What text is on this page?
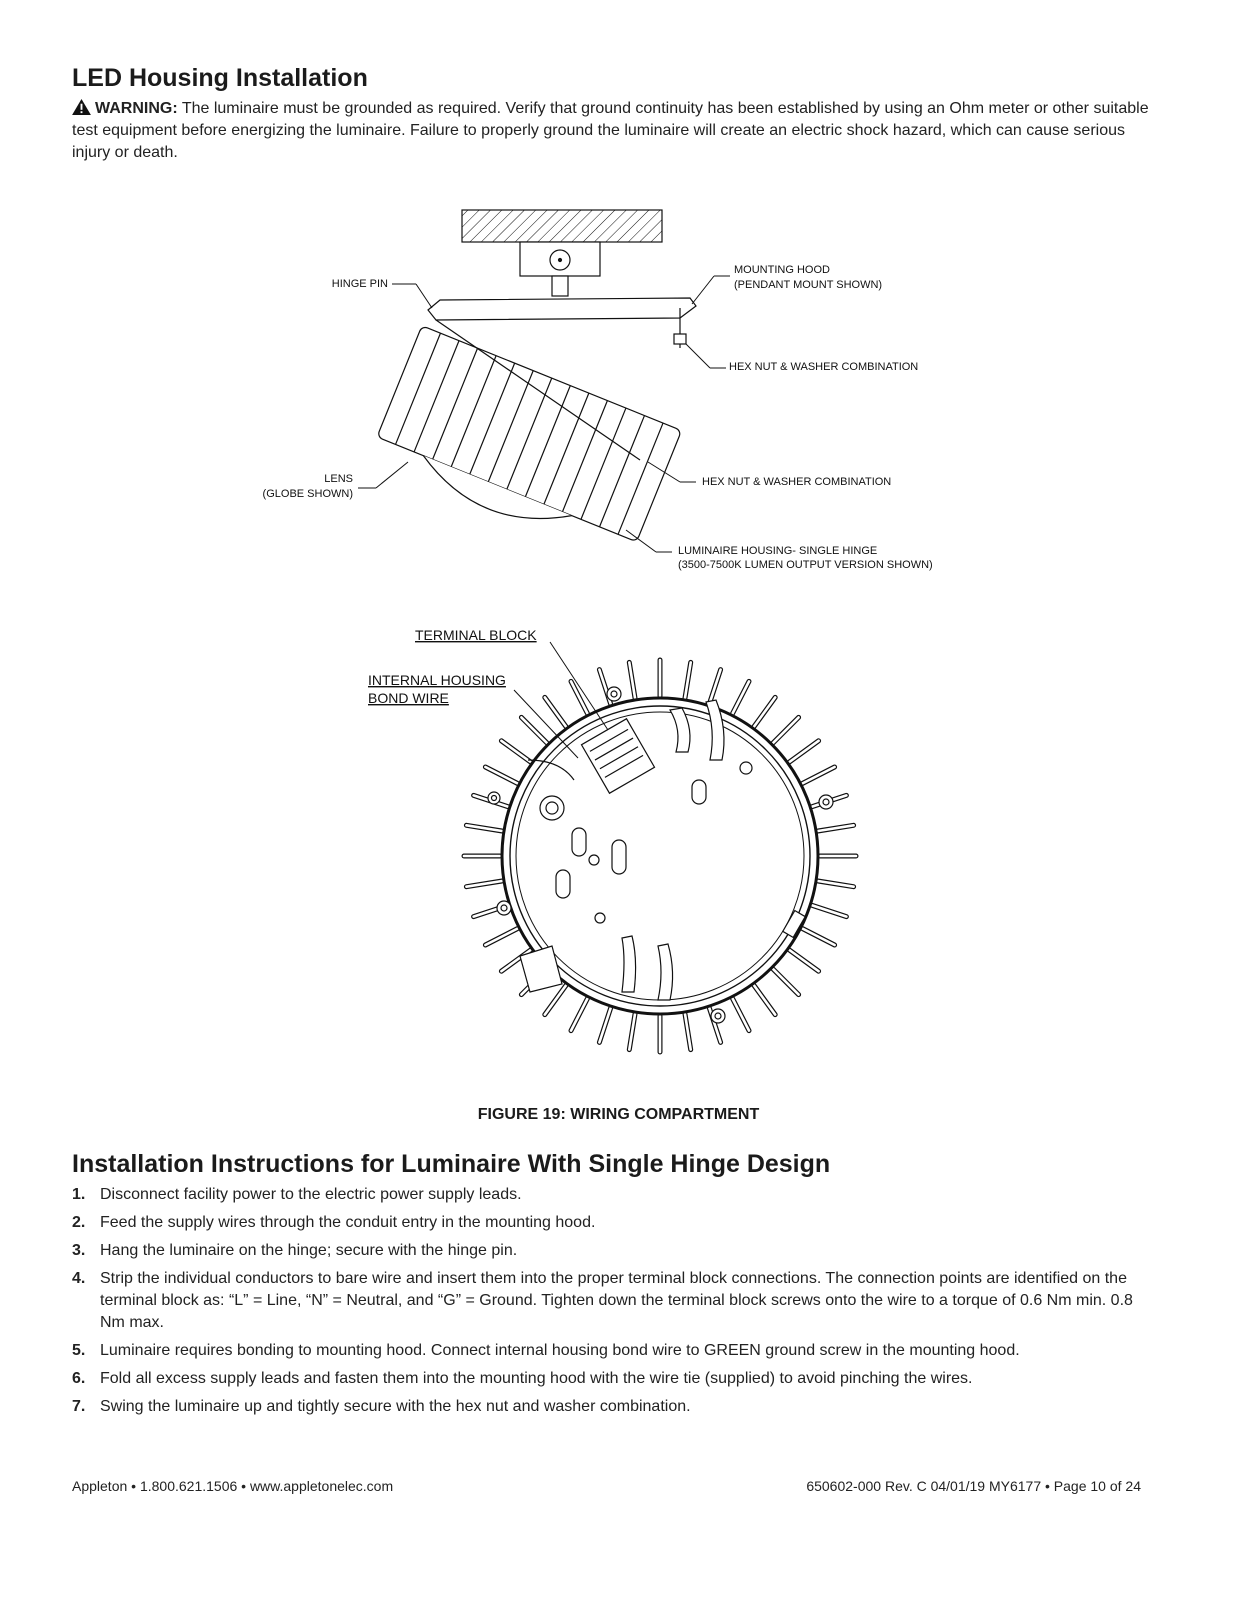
LED Housing Installation

WARNING: The luminaire must be grounded as required. Verify that ground continuity has been established by using an Ohm meter or other suitable test equipment before energizing the luminaire. Failure to properly ground the luminaire will create an electric shock hazard, which can cause serious injury or death.

HINGE PIN
MOUNTING HOOD
(PENDANT MOUNT SHOWN)
HEX NUT & WASHER COMBINATION
LENS
(GLOBE SHOWN)
HEX NUT & WASHER COMBINATION
LUMINAIRE HOUSING- SINGLE HINGE
(3500-7500K LUMEN OUTPUT VERSION SHOWN)
TERMINAL BLOCK
INTERNAL HOUSING
BOND WIRE

FIGURE 19: WIRING COMPARTMENT

Installation Instructions for Luminaire With Single Hinge Design
1. Disconnect facility power to the electric power supply leads.
2. Feed the supply wires through the conduit entry in the mounting hood.
3. Hang the luminaire on the hinge; secure with the hinge pin.
4. Strip the individual conductors to bare wire and insert them into the proper terminal block connections. The connection points are identified on the terminal block as: “L” = Line, “N” = Neutral, and “G” = Ground. Tighten down the terminal block screws onto the wire to a torque of 0.6 Nm min. 0.8 Nm max.
5. Luminaire requires bonding to mounting hood. Connect internal housing bond wire to GREEN ground screw in the mounting hood.
6. Fold all excess supply leads and fasten them into the mounting hood with the wire tie (supplied) to avoid pinching the wires.
7. Swing the luminaire up and tightly secure with the hex nut and washer combination.
Appleton • 1.800.621.1506 • www.appletonelec.com	650602-000 Rev. C 04/01/19 MY6177 • Page 10 of 24
